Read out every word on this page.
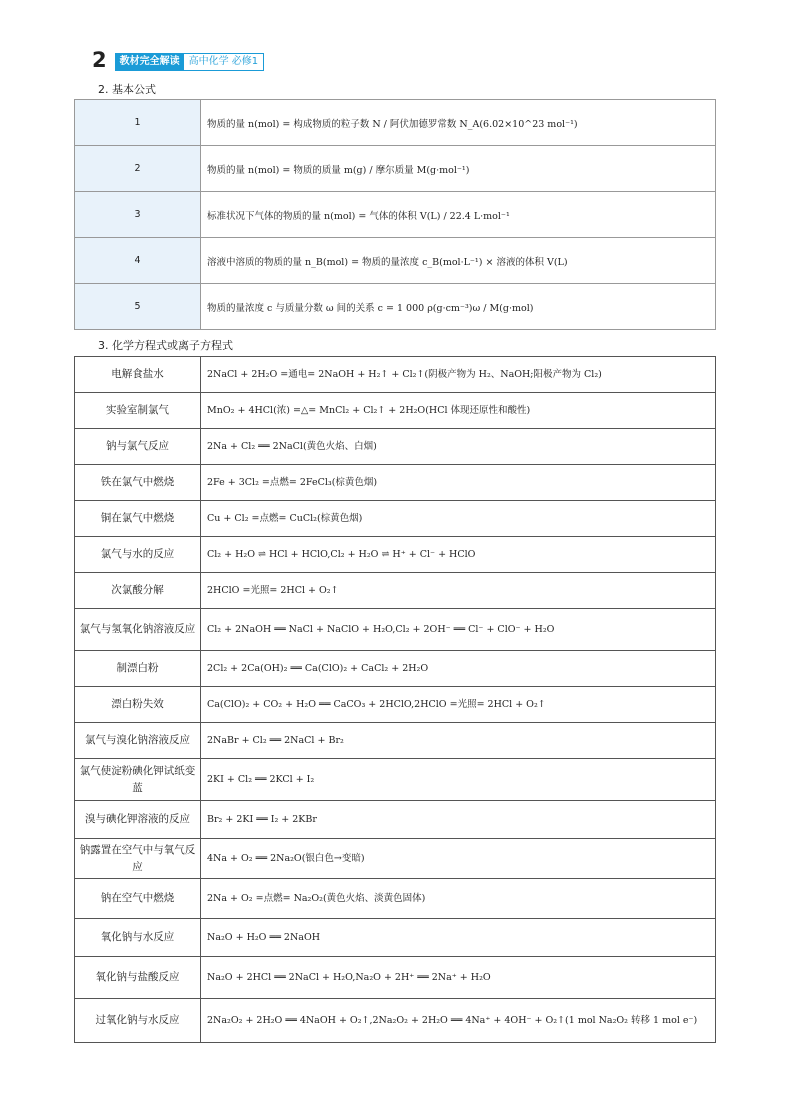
2	教材完全解读 高中化学 必修1
2. 基本公式
1	物质的量 n(mol) = 构成物质的粒子数 N / 阿伏加德罗常数 N_A(6.02×10^23 mol⁻¹)
2	物质的量 n(mol) = 物质的质量 m(g) / 摩尔质量 M(g·mol⁻¹)
3	标准状况下气体的物质的量 n(mol) = 气体的体积 V(L) / 22.4 L·mol⁻¹
4	溶液中溶质的物质的量 n_B(mol) = 物质的量浓度 c_B(mol·L⁻¹) × 溶液的体积 V(L)
5	物质的量浓度 c 与质量分数 ω 间的关系 c = 1 000 ρ(g·cm⁻³)ω / M(g·mol)
3. 化学方程式或离子方程式
电解食盐水	2NaCl + 2H₂O =通电= 2NaOH + H₂↑ + Cl₂↑(阴极产物为 H₂、NaOH;阳极产物为 Cl₂)
实验室制氯气	MnO₂ + 4HCl(浓) =△= MnCl₂ + Cl₂↑ + 2H₂O(HCl 体现还原性和酸性)
钠与氯气反应	2Na + Cl₂ ══ 2NaCl(黄色火焰、白烟)
铁在氯气中燃烧	2Fe + 3Cl₂ =点燃= 2FeCl₃(棕黄色烟)
铜在氯气中燃烧	Cu + Cl₂ =点燃= CuCl₂(棕黄色烟)
氯气与水的反应	Cl₂ + H₂O ⇌ HCl + HClO,Cl₂ + H₂O ⇌ H⁺ + Cl⁻ + HClO
次氯酸分解	2HClO =光照= 2HCl + O₂↑
氯气与氢氧化钠溶液反应	Cl₂ + 2NaOH ══ NaCl + NaClO + H₂O,Cl₂ + 2OH⁻ ══ Cl⁻ + ClO⁻ + H₂O
制漂白粉	2Cl₂ + 2Ca(OH)₂ ══ Ca(ClO)₂ + CaCl₂ + 2H₂O
漂白粉失效	Ca(ClO)₂ + CO₂ + H₂O ══ CaCO₃ + 2HClO,2HClO =光照= 2HCl + O₂↑
氯气与溴化钠溶液反应	2NaBr + Cl₂ ══ 2NaCl + Br₂
氯气使淀粉碘化钾试纸变蓝	2KI + Cl₂ ══ 2KCl + I₂
溴与碘化钾溶液的反应	Br₂ + 2KI ══ I₂ + 2KBr
钠露置在空气中与氧气反应	4Na + O₂ ══ 2Na₂O(银白色→变暗)
钠在空气中燃烧	2Na + O₂ =点燃= Na₂O₂(黄色火焰、淡黄色固体)
氧化钠与水反应	Na₂O + H₂O ══ 2NaOH
氧化钠与盐酸反应	Na₂O + 2HCl ══ 2NaCl + H₂O,Na₂O + 2H⁺ ══ 2Na⁺ + H₂O
过氧化钠与水反应	2Na₂O₂ + 2H₂O ══ 4NaOH + O₂↑,2Na₂O₂ + 2H₂O ══ 4Na⁺ + 4OH⁻ + O₂↑(1 mol Na₂O₂ 转移 1 mol e⁻)
